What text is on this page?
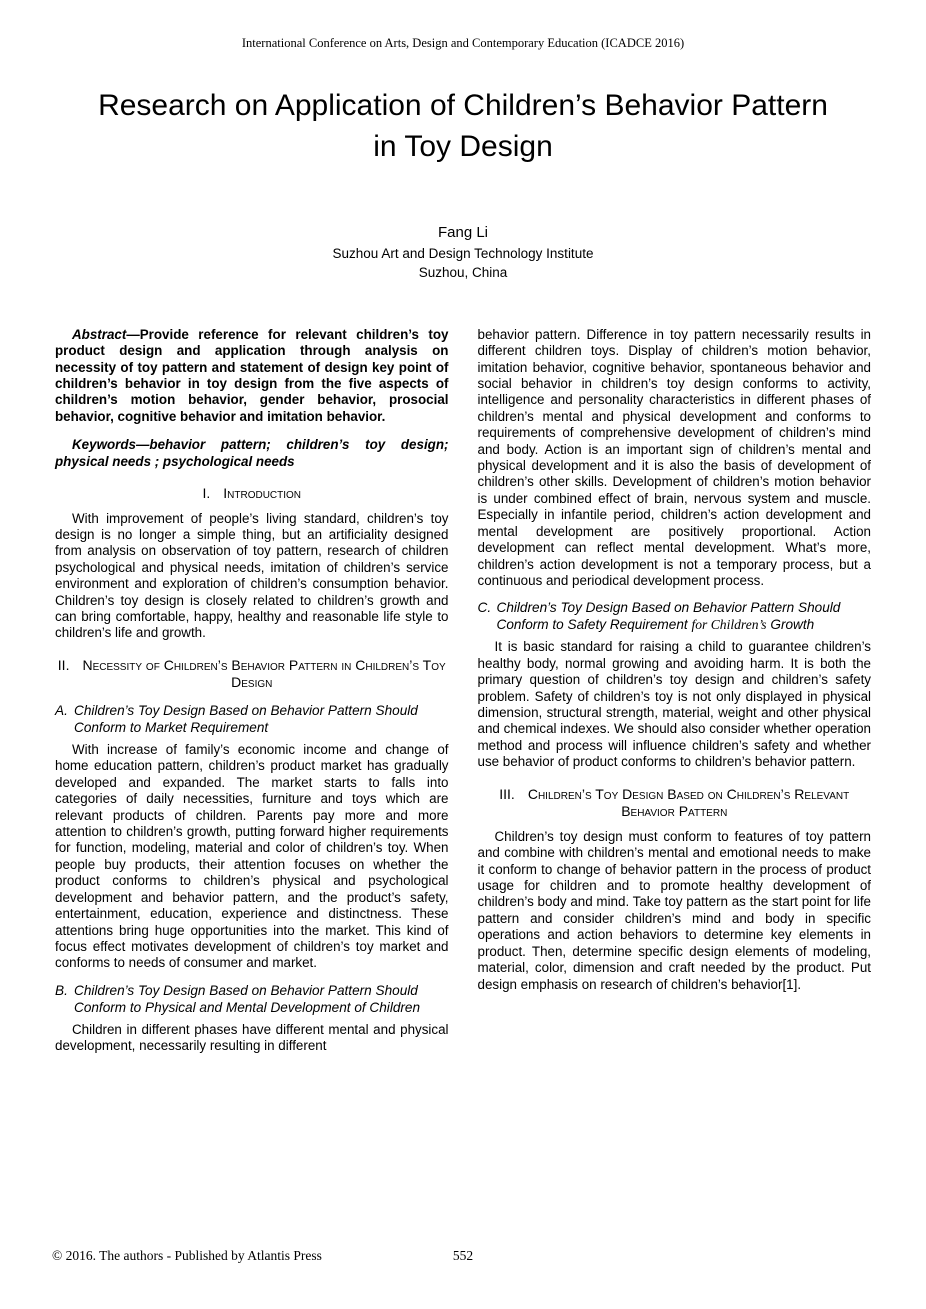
International Conference on Arts, Design and Contemporary Education (ICADCE 2016)
Research on Application of Children’s Behavior Pattern in Toy Design
Fang Li
Suzhou Art and Design Technology Institute
Suzhou, China

Abstract—Provide reference for relevant children’s toy product design and application through analysis on necessity of toy pattern and statement of design key point of children’s behavior in toy design from the five aspects of children’s motion behavior, gender behavior, prosocial behavior, cognitive behavior and imitation behavior.

Keywords—behavior pattern; children’s toy design; physical needs ; psychological needs

I. Introduction

With improvement of people’s living standard, children’s toy design is no longer a simple thing, but an artificiality designed from analysis on observation of toy pattern, research of children psychological and physical needs, imitation of children’s service environment and exploration of children’s consumption behavior. Children’s toy design is closely related to children’s growth and can bring comfortable, happy, healthy and reasonable life style to children’s life and growth.

II. Necessity of Children’s Behavior Pattern in Children’s Toy Design
A. Children’s Toy Design Based on Behavior Pattern Should Conform to Market Requirement

With increase of family’s economic income and change of home education pattern, children’s product market has gradually developed and expanded. The market starts to falls into categories of daily necessities, furniture and toys which are relevant products of children. Parents pay more and more attention to children’s growth, putting forward higher requirements for function, modeling, material and color of children’s toy. When people buy products, their attention focuses on whether the product conforms to children’s physical and psychological development and behavior pattern, and the product’s safety, entertainment, education, experience and distinctness. These attentions bring huge opportunities into the market. This kind of focus effect motivates development of children’s toy market and conforms to needs of consumer and market.

B. Children’s Toy Design Based on Behavior Pattern Should Conform to Physical and Mental Development of Children

Children in different phases have different mental and physical development, necessarily resulting in different

behavior pattern. Difference in toy pattern necessarily results in different children toys. Display of children’s motion behavior, imitation behavior, cognitive behavior, spontaneous behavior and social behavior in children’s toy design conforms to activity, intelligence and personality characteristics in different phases of children’s mental and physical development and conforms to requirements of comprehensive development of children’s mind and body. Action is an important sign of children’s mental and physical development and it is also the basis of development of children’s other skills. Development of children’s motion behavior is under combined effect of brain, nervous system and muscle. Especially in infantile period, children’s action development and mental development are positively proportional. Action development can reflect mental development. What’s more, children’s action development is not a temporary process, but a continuous and periodical development process.

C. Children’s Toy Design Based on Behavior Pattern Should Conform to Safety Requirement for Children’s Growth

It is basic standard for raising a child to guarantee children’s healthy body, normal growing and avoiding harm. It is both the primary question of children’s toy design and children’s safety problem. Safety of children’s toy is not only displayed in physical dimension, structural strength, material, weight and other physical and chemical indexes. We should also consider whether operation method and process will influence children’s safety and whether use behavior of product conforms to children’s behavior pattern.

III. Children’s Toy Design Based on Children’s Relevant Behavior Pattern

Children’s toy design must conform to features of toy pattern and combine with children’s mental and emotional needs to make it conform to change of behavior pattern in the process of product usage for children and to promote healthy development of children’s body and mind. Take toy pattern as the start point for life pattern and consider children’s mind and body in specific operations and action behaviors to determine key elements in product. Then, determine specific design elements of modeling, material, color, dimension and craft needed by the product. Put design emphasis on research of children’s behavior[1].

© 2016. The authors - Published by Atlantis Press	552
